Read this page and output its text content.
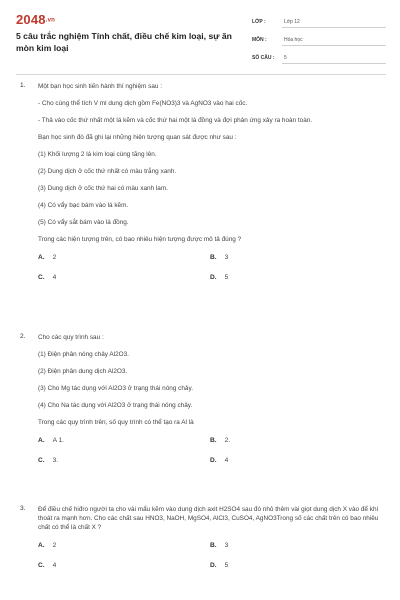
2048.vn
5 câu trắc nghiệm Tính chất, điều chế kim loại, sự ăn mòn kim loại
LỚP :	Lớp 12
MÔN :	Hóa học
SỐ CÂU :	5
1. Một bạn học sinh tiến hành thí nghiệm sau :

- Cho cùng thể tích V ml dung dịch gồm Fe(NO3)3 và AgNO3 vào hai cốc.

- Thả vào cốc thứ nhất một lá kẽm và cốc thứ hai một lá đồng và đợi phản ứng xảy ra hoàn toàn.

Bạn học sinh đó đã ghi lại những hiện tượng quan sát được như sau :

(1) Khối lượng 2 lá kim loại cùng tăng lên.

(2) Dung dịch ở cốc thứ nhất có màu trắng xanh.

(3) Dung dịch ở cốc thứ hai có màu xanh lam.

(4) Có vẩy bạc bám vào lá kẽm.

(5) Có vẩy sắt bám vào lá đồng.

Trong các hiện tượng trên, có bao nhiêu hiện tượng được mô tả đúng ?

A. 2	B. 3
C. 4	D. 5
2. Cho các quy trình sau :

(1) Điện phân nóng chảy Al2O3.

(2) Điện phân dung dịch Al2O3.

(3) Cho Mg tác dụng với Al2O3 ở trạng thái nóng chảy.

(4) Cho Na tác dụng với Al2O3 ở trạng thái nóng chảy.

Trong các quy trình trên, số quy trình có thể tạo ra Al là

A. A 1.	B. 2.
C. 3.	D. 4
3. Để điều chế hiđro người ta cho vài mẩu kẽm vào dung dịch axit H2SO4 sau đó nhỏ thêm vài giọt dung dịch X vào để khí thoát ra mạnh hơn. Cho các chất sau HNO3, NaOH, MgSO4, AlCl3, CuSO4, AgNO3Trong số các chất trên có bao nhiêu chất có thể là chất X ?

A. 2	B. 3
C. 4	D. 5
